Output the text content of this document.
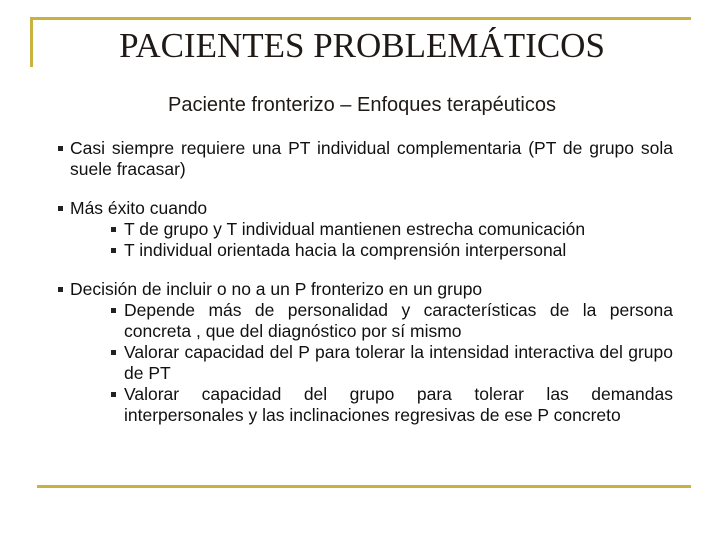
PACIENTES PROBLEMÁTICOS
Paciente fronterizo – Enfoques terapéuticos
Casi siempre requiere una PT individual complementaria (PT de grupo sola suele fracasar)
Más éxito cuando
T de grupo y T individual mantienen estrecha comunicación
T individual orientada hacia la comprensión interpersonal
Decisión de incluir o no a un P fronterizo en un grupo
Depende más de personalidad y características de la persona concreta , que del diagnóstico por sí mismo
Valorar capacidad del P para tolerar la intensidad interactiva del grupo de PT
Valorar capacidad del grupo para tolerar las demandas interpersonales y las inclinaciones regresivas de ese P concreto
